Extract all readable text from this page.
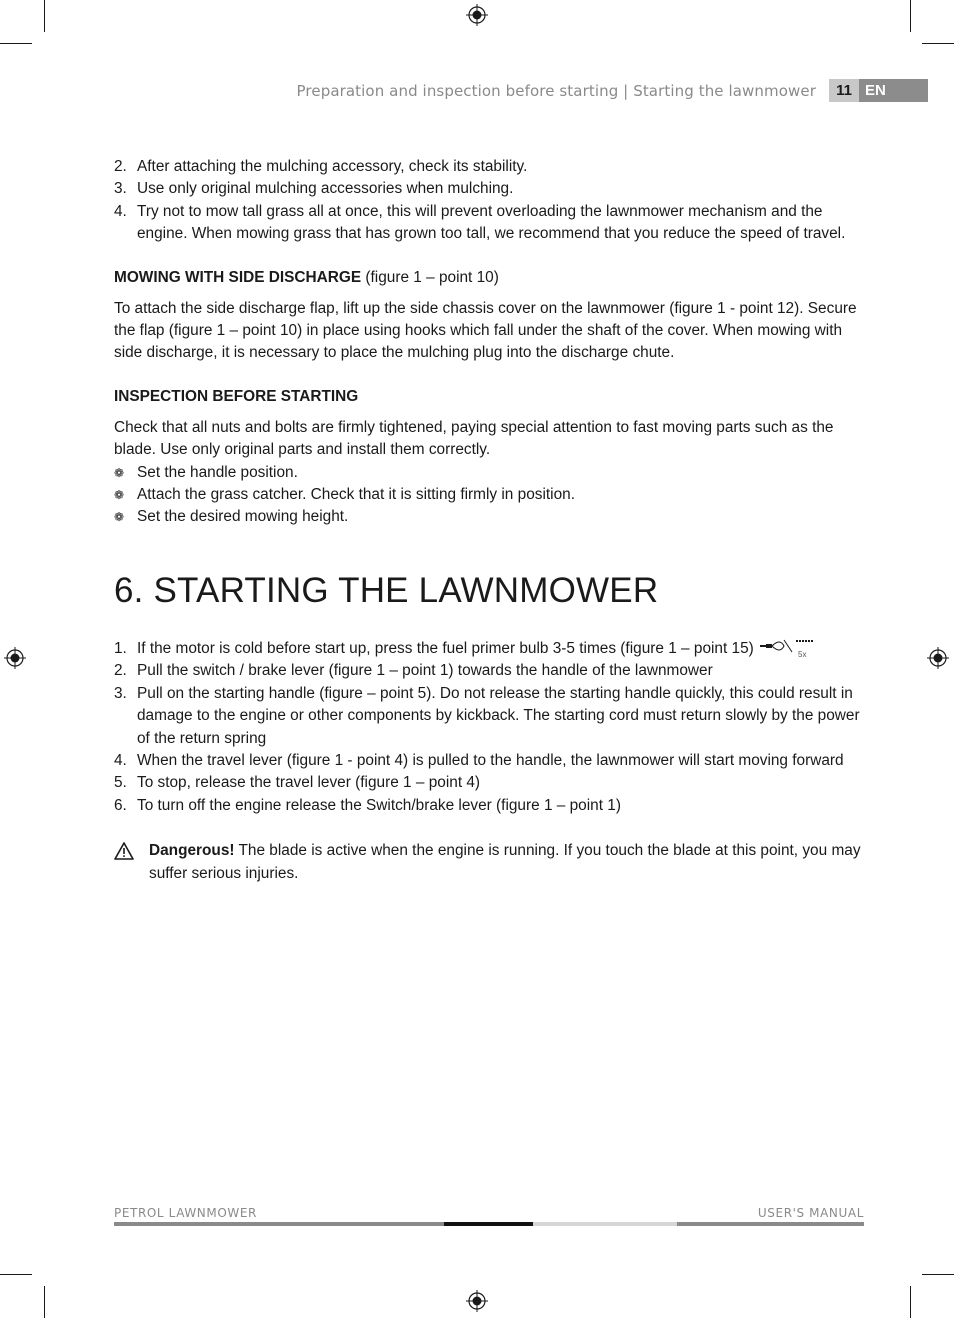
Preparation and inspection before starting | Starting the lawnmower	11 EN
2. After attaching the mulching accessory, check its stability.
3. Use only original mulching accessories when mulching.
4. Try not to mow tall grass all at once, this will prevent overloading the lawnmower mechanism and the engine. When mowing grass that has grown too tall, we recommend that you reduce the speed of travel.
MOWING WITH SIDE DISCHARGE (figure 1 – point 10)

To attach the side discharge flap, lift up the side chassis cover on the lawnmower (figure 1 - point 12). Secure the flap (figure 1 – point 10) in place using hooks which fall under the shaft of the cover. When mowing with side discharge, it is necessary to place the mulching plug into the discharge chute.

INSPECTION BEFORE STARTING

Check that all nuts and bolts are firmly tightened, paying special attention to fast moving parts such as the blade. Use only original parts and install them correctly.

❁ Set the handle position.
❁ Attach the grass catcher. Check that it is sitting firmly in position.
❁ Set the desired mowing height.
6. STARTING THE LAWNMOWER
1. If the motor is cold before start up, press the fuel primer bulb 3-5 times (figure 1 – point 15)	5x
2. Pull the switch / brake lever (figure 1 – point 1) towards the handle of the lawnmower
3. Pull on the starting handle (figure – point 5). Do not release the starting handle quickly, this could result in damage to the engine or other components by kickback. The starting cord must return slowly by the power of the return spring
4. When the travel lever (figure 1 - point 4) is pulled to the handle, the lawnmower will start moving forward
5. To stop, release the travel lever (figure 1 – point 4)
6. To turn off the engine release the Switch/brake lever (figure 1 – point 1)
Dangerous! The blade is active when the engine is running. If you touch the blade at this point, you may suffer serious injuries.
PETROL LAWNMOWER	USER'S MANUAL
